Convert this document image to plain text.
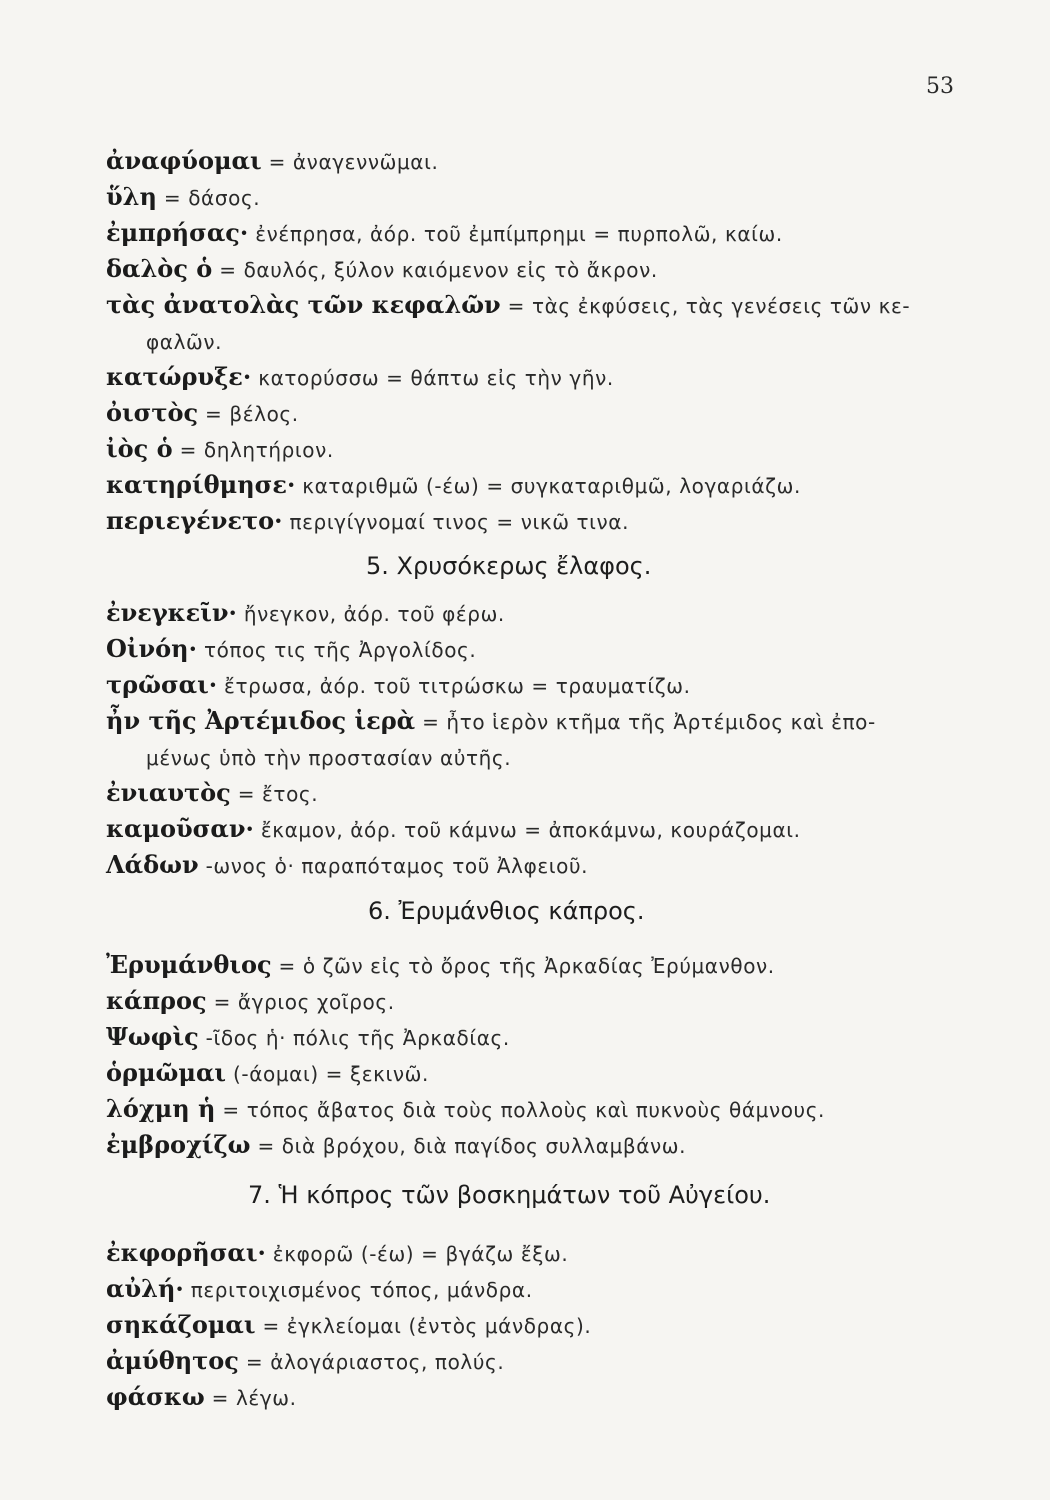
53
ἀναφύομαι = ἀναγεννῶμαι.
ὕλη = δάσος.
ἐμπρήσας· ἐνέπρησα, ἀόρ. τοῦ ἐμπίμπρημι = πυρπολῶ, καίω.
δαλὸς ὁ = δαυλός, ξύλον καιόμενον εἰς τὸ ἄκρον.
τὰς ἀνατολὰς τῶν κεφαλῶν = τὰς ἐκφύσεις, τὰς γενέσεις τῶν κε-
φαλῶν.
κατώρυξε· κατορύσσω = θάπτω εἰς τὴν γῆν.
ὀιστὸς = βέλος.
ἰὸς ὁ = δηλητήριον.
κατηρίθμησε· καταριθμῶ (-έω) = συγκαταριθμῶ, λογαριάζω.
περιεγένετο· περιγίγνομαί τινος = νικῶ τινα.
5. Χρυσόκερως ἔλαφος.
ἐνεγκεῖν· ἤνεγκον, ἀόρ. τοῦ φέρω.
Οἰνόη· τόπος τις τῆς Ἀργολίδος.
τρῶσαι· ἔτρωσα, ἀόρ. τοῦ τιτρώσκω = τραυματίζω.
ἦν τῆς Ἀρτέμιδος ἱερὰ = ἦτο ἱερὸν κτῆμα τῆς Ἀρτέμιδος καὶ ἐπο-
μένως ὑπὸ τὴν προστασίαν αὐτῆς.
ἐνιαυτὸς = ἔτος.
καμοῦσαν· ἔκαμον, ἀόρ. τοῦ κάμνω = ἀποκάμνω, κουράζομαι.
Λάδων -ωνος ὁ· παραπόταμος τοῦ Ἀλφειοῦ.
6. Ἐρυμάνθιος κάπρος.
Ἐρυμάνθιος = ὁ ζῶν εἰς τὸ ὄρος τῆς Ἀρκαδίας Ἐρύμανθον.
κάπρος = ἄγριος χοῖρος.
Ψωφὶς -ῖδος ἡ· πόλις τῆς Ἀρκαδίας.
ὁρμῶμαι (-άομαι) = ξεκινῶ.
λόχμη ἡ = τόπος ἄβατος διὰ τοὺς πολλοὺς καὶ πυκνοὺς θάμνους.
ἐμβροχίζω = διὰ βρόχου, διὰ παγίδος συλλαμβάνω.
7. Ἡ κόπρος τῶν βοσκημάτων τοῦ Αὐγείου.
ἐκφορῆσαι· ἐκφορῶ (-έω) = βγάζω ἔξω.
αὐλή· περιτοιχισμένος τόπος, μάνδρα.
σηκάζομαι = ἐγκλείομαι (ἐντὸς μάνδρας).
ἀμύθητος = ἀλογάριαστος, πολύς.
φάσκω = λέγω.
